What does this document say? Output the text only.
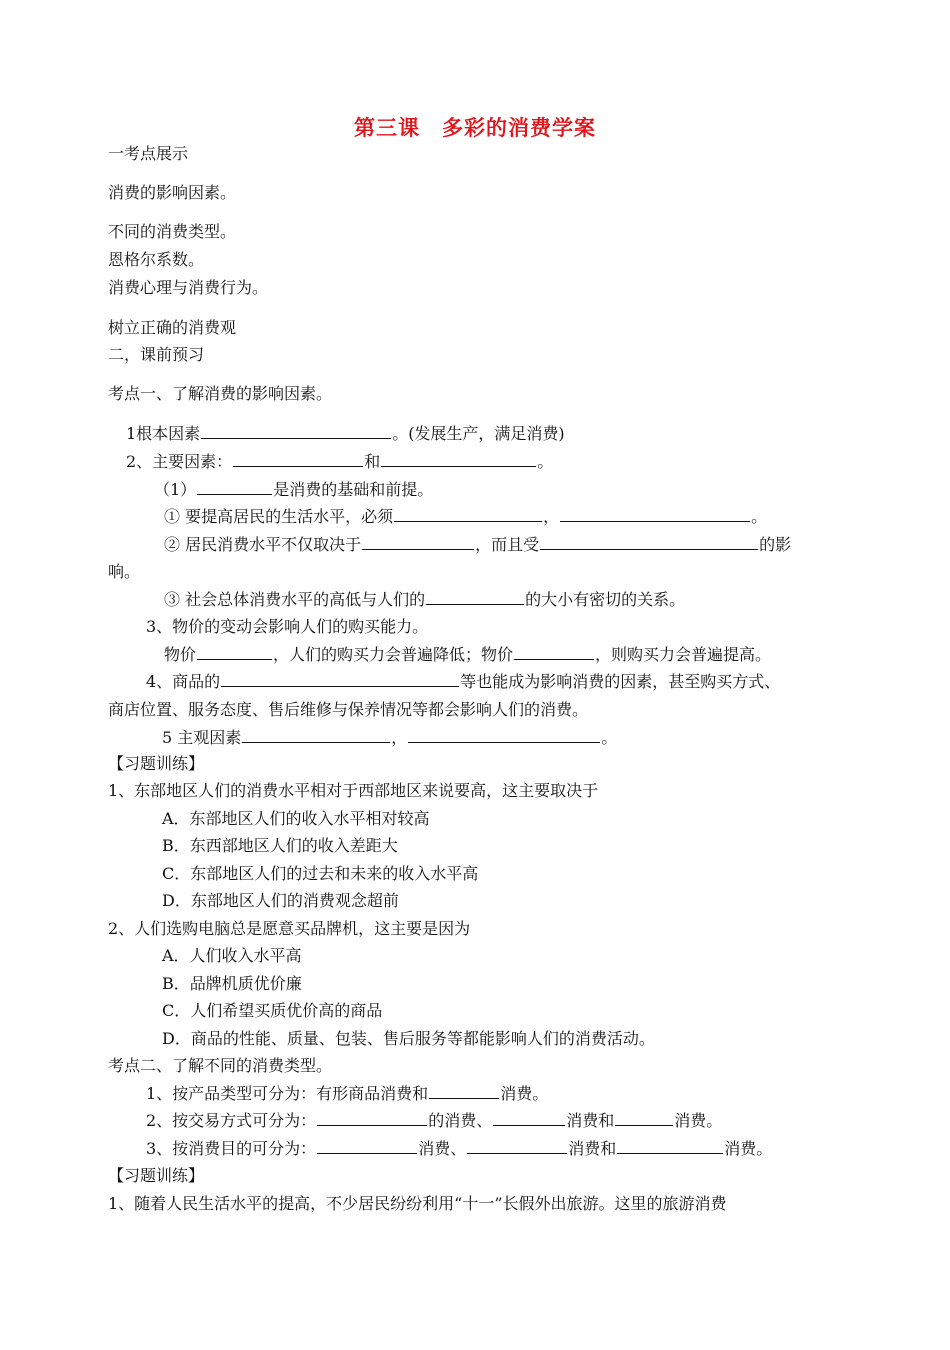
第三课　多彩的消费学案
一考点展示
消费的影响因素。
不同的消费类型。
恩格尔系数。
消费心理与消费行为。
树立正确的消费观
二，课前预习
考点一、了解消费的影响因素。
1根本因素	。(发展生产，满足消费)
2、主要因素：	和	。
（1）	是消费的基础和前提。
① 要提高居民的生活水平，必须	，	。
② 居民消费水平不仅取决于	，而且受	的影
响。
③ 社会总体消费水平的高低与人们的	的大小有密切的关系。
3、物价的变动会影响人们的购买能力。
物价	，人们的购买力会普遍降低；物价	，则购买力会普遍提高。
4、商品的	等也能成为影响消费的因素，甚至购买方式、
商店位置、服务态度、售后维修与保养情况等都会影响人们的消费。
5 主观因素	，	。
【习题训练】
1、东部地区人们的消费水平相对于西部地区来说要高，这主要取决于
A．东部地区人们的收入水平相对较高
B．东西部地区人们的收入差距大
C．东部地区人们的过去和未来的收入水平高
D．东部地区人们的消费观念超前
2、人们选购电脑总是愿意买品牌机，这主要是因为
A．人们收入水平高
B．品牌机质优价廉
C．人们希望买质优价高的商品
D．商品的性能、质量、包装、售后服务等都能影响人们的消费活动。
考点二、了解不同的消费类型。
1、按产品类型可分为：有形商品消费和	消费。
2、按交易方式可分为：	的消费、	消费和	消费。
3、按消费目的可分为：	消费、	消费和	消费。
【习题训练】
1、随着人民生活水平的提高，不少居民纷纷利用“十一”长假外出旅游。这里的旅游消费
